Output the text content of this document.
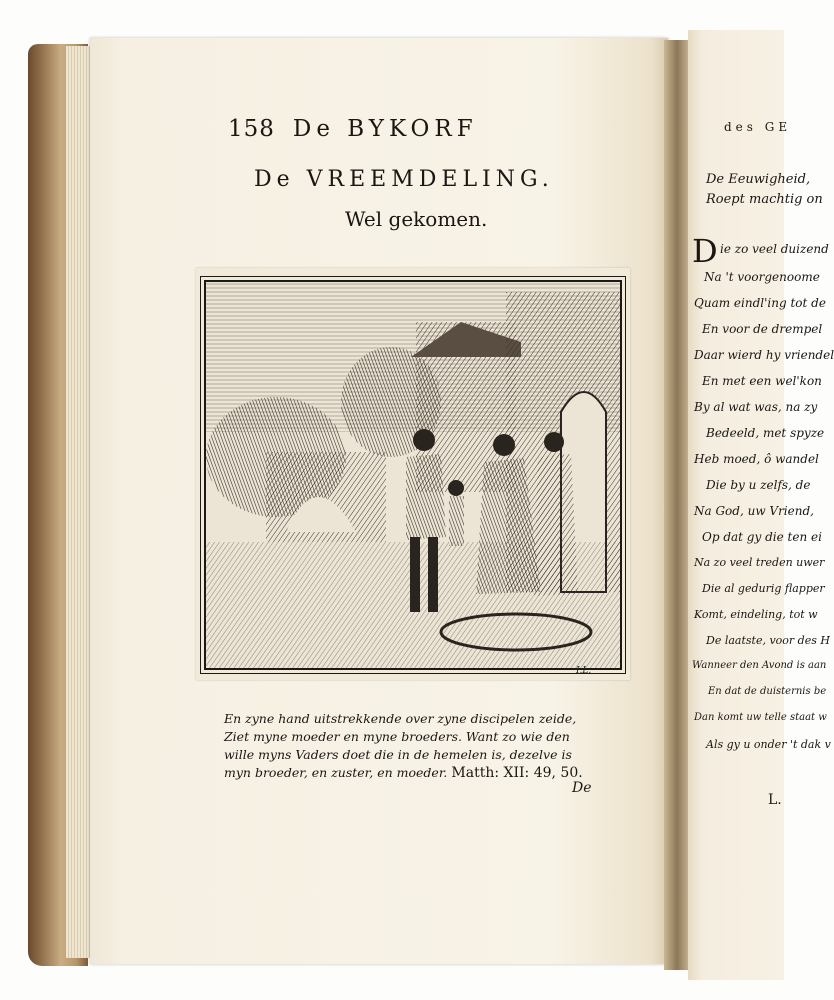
158 De BYKORF
De VREEMDELING.
Wel gekomen.
I.L.
En zyne hand uitstrekkende over zyne discipelen zeide,
Ziet myne moeder en myne broeders. Want zo wie den
wille myns Vaders doet die in de hemelen is, dezelve is
myn broeder, en zuster, en moeder. Matth: XII: 49, 50.
De
des GE
De Eeuwigheid,
Roept machtig on
D ie zo veel duizend
Na 't voorgenoome
Quam eindl'ing tot de
En voor de drempel
Daar wierd hy vriendel
En met een wel'kon
By al wat was, na zy
Bedeeld, met spyze
Heb moed, ô wandel
Die by u zelfs, de
Na God, uw Vriend,
Op dat gy die ten ei
Na zo veel treden uwer
Die al gedurig flapper
Komt, eindeling, tot w
De laatste, voor des H
Wanneer den Avond is aan
En dat de duisternis be
Dan komt uw telle staat w
Als gy u onder 't dak v
L.
